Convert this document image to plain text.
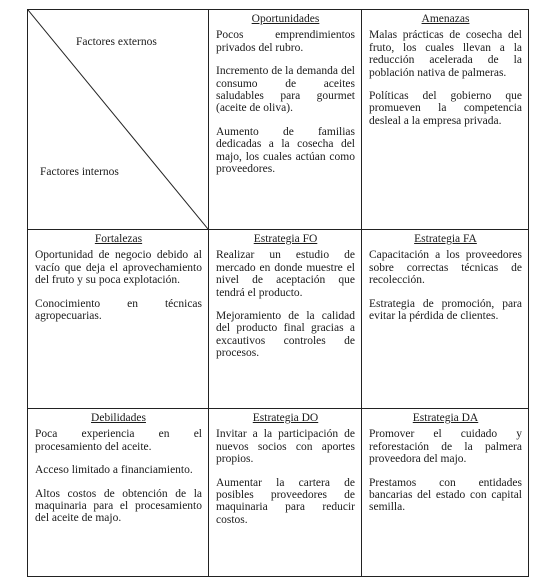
Factores externos
Factores internos
Oportunidades

Pocos emprendimientos privados del rubro.

Incremento de la demanda del consumo de aceites saludables para gourmet (aceite de oliva).

Aumento de familias dedicadas a la cosecha del majo, los cuales actúan como proveedores.

Amenazas

Malas prácticas de cosecha del fruto, los cuales llevan a la reducción acelerada de la población nativa de palmeras.

Políticas del gobierno que promueven la competencia desleal a la empresa privada.

Fortalezas

Oportunidad de negocio debido al vacío que deja el aprovechamiento del fruto y su poca explotación.

Conocimiento en técnicas agropecuarias.

Estrategia FO

Realizar un estudio de mercado en donde muestre el nivel de aceptación que tendrá el producto.

Mejoramiento de la calidad del producto final gracias a excautivos controles de procesos.

Estrategia FA

Capacitación a los proveedores sobre correctas técnicas de recolección.

Estrategia de promoción, para evitar la pérdida de clientes.

Debilidades

Poca experiencia en el procesamiento del aceite.

Acceso limitado a financiamiento.

Altos costos de obtención de la maquinaria para el procesamiento del aceite de majo.

Estrategia DO

Invitar a la participación de nuevos socios con aportes propios.

Aumentar la cartera de posibles proveedores de maquinaria para reducir costos.

Estrategia DA

Promover el cuidado y reforestación de la palmera proveedora del majo.

Prestamos con entidades bancarias del estado con capital semilla.
